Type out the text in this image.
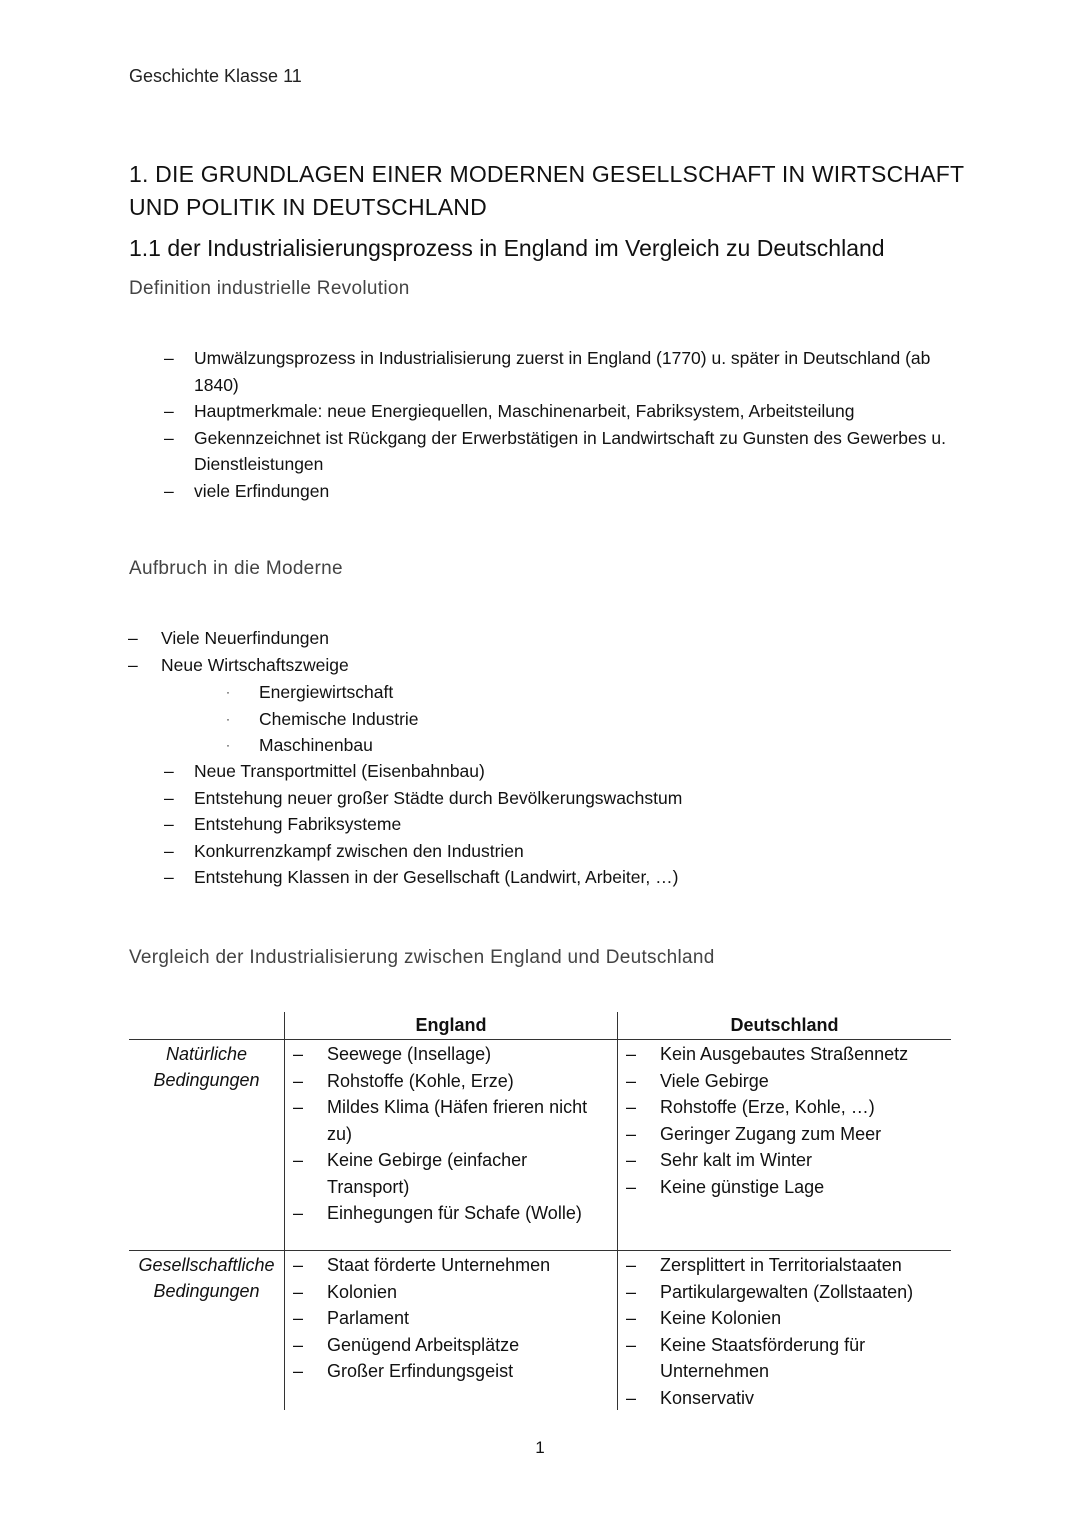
Geschichte Klasse 11
1. DIE GRUNDLAGEN EINER MODERNEN GESELLSCHAFT IN WIRTSCHAFT UND POLITIK IN DEUTSCHLAND
1.1 der Industrialisierungsprozess in England im Vergleich zu Deutschland
Definition industrielle Revolution
– Umwälzungsprozess in Industrialisierung zuerst in England (1770) u. später in Deutschland (ab 1840)
– Hauptmerkmale: neue Energiequellen, Maschinenarbeit, Fabriksystem, Arbeitsteilung
– Gekennzeichnet ist Rückgang der Erwerbstätigen in Landwirtschaft zu Gunsten des Gewerbes u. Dienstleistungen
– viele Erfindungen
Aufbruch in die Moderne
– Viele Neuerfindungen
– Neue Wirtschaftszweige
· Energiewirtschaft
· Chemische Industrie
· Maschinenbau
– Neue Transportmittel (Eisenbahnbau)
– Entstehung neuer großer Städte durch Bevölkerungswachstum
– Entstehung Fabriksysteme
– Konkurrenzkampf zwischen den Industrien
– Entstehung Klassen in der Gesellschaft (Landwirt, Arbeiter, …)
Vergleich der Industrialisierung zwischen England und Deutschland
England	Deutschland
Natürliche Bedingungen
– Seewege (Insellage)
– Rohstoffe (Kohle, Erze)
– Mildes Klima (Häfen frieren nicht zu)
– Keine Gebirge (einfacher Transport)
– Einhegungen für Schafe (Wolle)
– Kein Ausgebautes Straßennetz
– Viele Gebirge
– Rohstoffe (Erze, Kohle, …)
– Geringer Zugang zum Meer
– Sehr kalt im Winter
– Keine günstige Lage
Gesellschaftliche Bedingungen
– Staat förderte Unternehmen
– Kolonien
– Parlament
– Genügend Arbeitsplätze
– Großer Erfindungsgeist
– Zersplittert in Territorialstaaten
– Partikulargewalten (Zollstaaten)
– Keine Kolonien
– Keine Staatsförderung für Unternehmen
– Konservativ
1
